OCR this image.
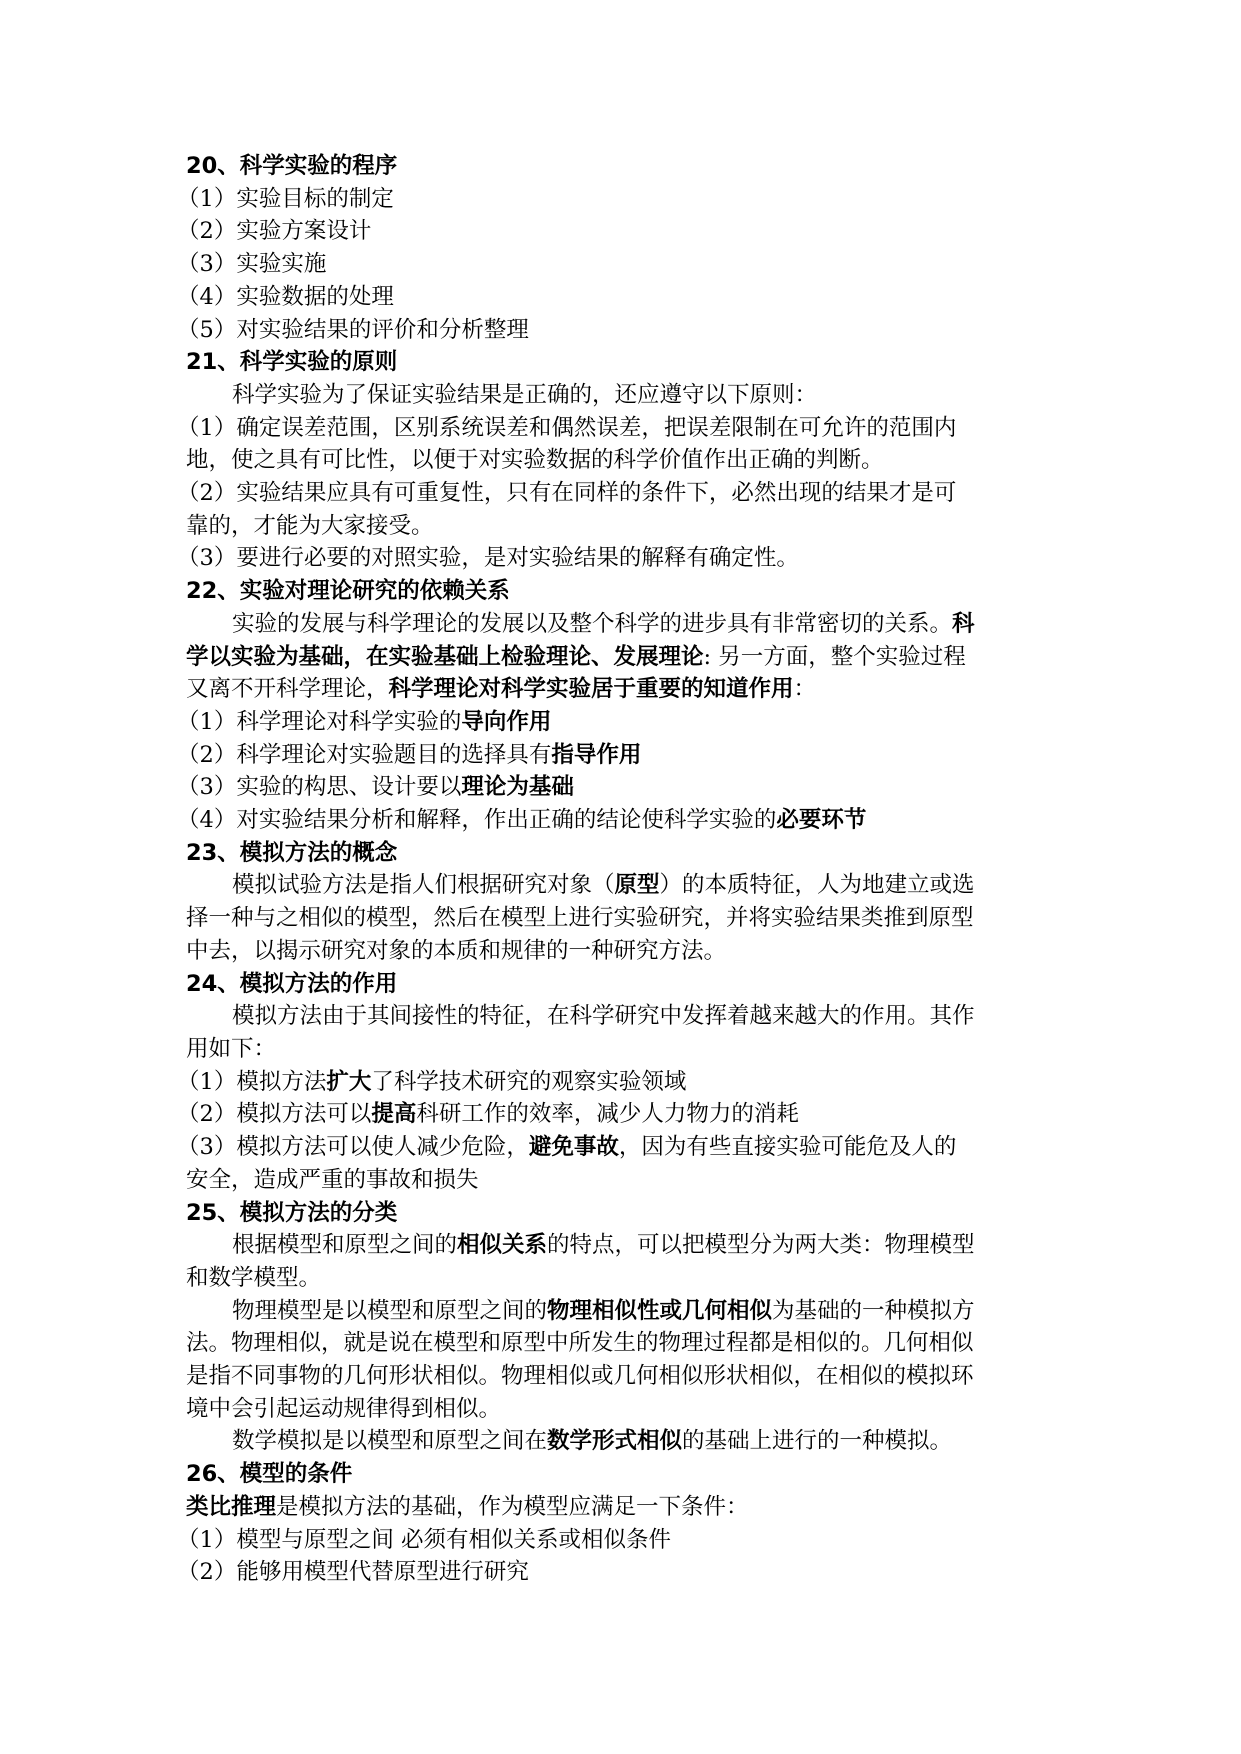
20、科学实验的程序

（1）实验目标的制定

（2）实验方案设计

（3）实验实施

（4）实验数据的处理

（5）对实验结果的评价和分析整理

21、科学实验的原则

科学实验为了保证实验结果是正确的，还应遵守以下原则：

（1）确定误差范围，区别系统误差和偶然误差，把误差限制在可允许的范围内

地，使之具有可比性，以便于对实验数据的科学价值作出正确的判断。

（2）实验结果应具有可重复性，只有在同样的条件下，必然出现的结果才是可

靠的，才能为大家接受。

（3）要进行必要的对照实验，是对实验结果的解释有确定性。

22、实验对理论研究的依赖关系

实验的发展与科学理论的发展以及整个科学的进步具有非常密切的关系。科

学以实验为基础，在实验基础上检验理论、发展理论: 另一方面，整个实验过程

又离不开科学理论，科学理论对科学实验居于重要的知道作用：

（1）科学理论对科学实验的导向作用

（2）科学理论对实验题目的选择具有指导作用

（3）实验的构思、设计要以理论为基础

（4）对实验结果分析和解释，作出正确的结论使科学实验的必要环节

23、模拟方法的概念

模拟试验方法是指人们根据研究对象（原型）的本质特征，人为地建立或选

择一种与之相似的模型，然后在模型上进行实验研究，并将实验结果类推到原型

中去，以揭示研究对象的本质和规律的一种研究方法。

24、模拟方法的作用

模拟方法由于其间接性的特征，在科学研究中发挥着越来越大的作用。其作

用如下：

（1）模拟方法扩大了科学技术研究的观察实验领域

（2）模拟方法可以提高科研工作的效率，减少人力物力的消耗

（3）模拟方法可以使人减少危险，避免事故，因为有些直接实验可能危及人的

安全，造成严重的事故和损失

25、模拟方法的分类

根据模型和原型之间的相似关系的特点，可以把模型分为两大类：物理模型

和数学模型。

物理模型是以模型和原型之间的物理相似性或几何相似为基础的一种模拟方

法。物理相似，就是说在模型和原型中所发生的物理过程都是相似的。几何相似

是指不同事物的几何形状相似。物理相似或几何相似形状相似，在相似的模拟环

境中会引起运动规律得到相似。

数学模拟是以模型和原型之间在数学形式相似的基础上进行的一种模拟。

26、模型的条件

类比推理是模拟方法的基础，作为模型应满足一下条件：

（1）模型与原型之间 必须有相似关系或相似条件

（2）能够用模型代替原型进行研究
